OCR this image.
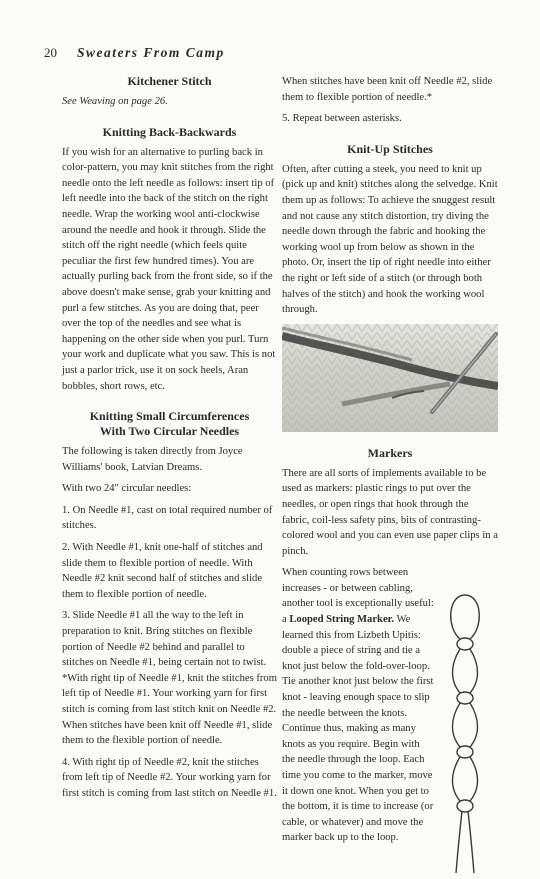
20 Sweaters From Camp
Kitchener Stitch

See Weaving on page 26.

Knitting Back-Backwards

If you wish for an alternative to purling back in color-pattern, you may knit stitches from the right needle onto the left needle as follows: insert tip of left needle into the back of the stitch on the right needle. Wrap the working wool anti-clockwise around the needle and hook it through. Slide the stitch off the right needle (which feels quite peculiar the first few hundred times). You are actually purling back from the front side, so if the above doesn't make sense, grab your knitting and purl a few stitches. As you are doing that, peer over the top of the needles and see what is happening on the other side when you purl. Turn your work and duplicate what you saw. This is not just a parlor trick, use it on sock heels, Aran bobbles, short rows, etc.

Knitting Small Circumferences
With Two Circular Needles

The following is taken directly from Joyce Williams' book, Latvian Dreams.

With two 24" circular needles:

1. On Needle #1, cast on total required number of stitches.

2. With Needle #1, knit one-half of stitches and slide them to flexible portion of needle. With Needle #2 knit second half of stitches and slide them to flexible portion of needle.

3. Slide Needle #1 all the way to the left in preparation to knit. Bring stitches on flexible portion of Needle #2 behind and parallel to stitches on Needle #1, being certain not to twist. *With right tip of Needle #1, knit the stitches from left tip of Needle #1. Your working yarn for first stitch is coming from last stitch knit on Needle #2. When stitches have been knit off Needle #1, slide them to the flexible portion of needle.

4. With right tip of Needle #2, knit the stitches from left tip of Needle #2. Your working yarn for first stitch is coming from last stitch on Needle #1.

When stitches have been knit off Needle #2, slide them to flexible portion of needle.*

5. Repeat between asterisks.

Knit-Up Stitches

Often, after cutting a steek, you need to knit up (pick up and knit) stitches along the selvedge. Knit them up as follows: To achieve the snuggest result and not cause any stitch distortion, try diving the needle down through the fabric and hooking the working wool up from below as shown in the photo. Or, insert the tip of right needle into either the right or left side of a stitch (or through both halves of the stitch) and hook the working wool through.

Markers

There are all sorts of implements available to be used as markers: plastic rings to put over the needles, or open rings that hook through the fabric, coil-less safety pins, bits of contrasting-colored wool and you can even use paper clips in a pinch.

When counting rows between increases - or between cabling, another tool is exceptionally useful: a Looped String Marker. We learned this from Lizbeth Upitis: double a piece of string and tie a knot just below the fold-over-loop. Tie another knot just below the first knot - leaving enough space to slip the needle between the knots. Continue thus, making as many knots as you require. Begin with the needle through the loop. Each time you come to the marker, move it down one knot. When you get to the bottom, it is time to increase (or cable, or whatever) and move the marker back up to the loop.
